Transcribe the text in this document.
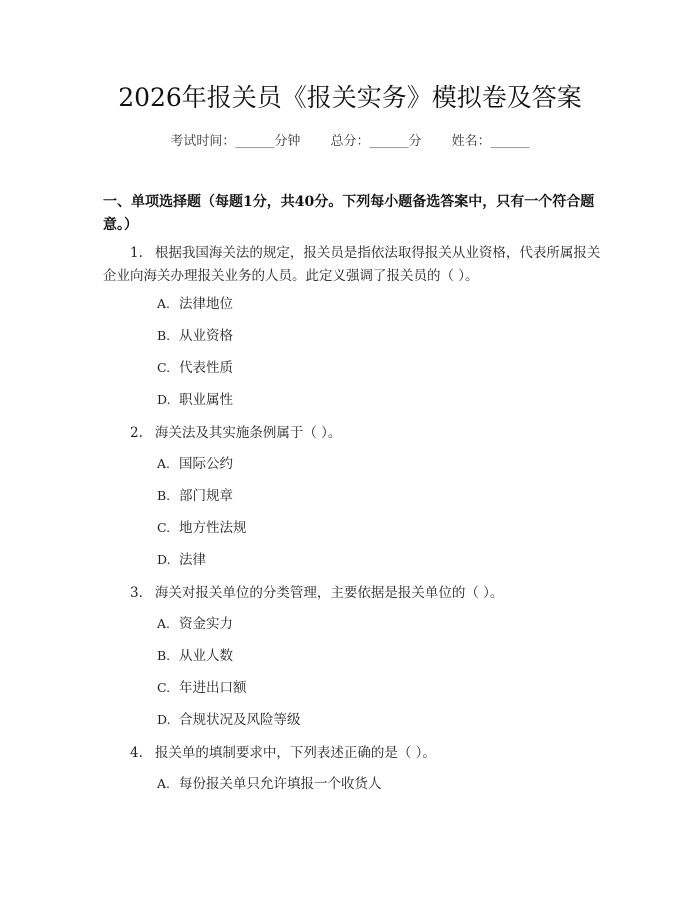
2026年报关员《报关实务》模拟卷及答案
考试时间：______分钟 总分：______分 姓名：______
一、单项选择题（每题1分，共40分。下列每小题备选答案中，只有一个符合题意。）
1. 根据我国海关法的规定，报关员是指依法取得报关从业资格，代表所属报关企业向海关办理报关业务的人员。此定义强调了报关员的（ ）。
A. 法律地位
B. 从业资格
C. 代表性质
D. 职业属性
2. 海关法及其实施条例属于（ ）。
A. 国际公约
B. 部门规章
C. 地方性法规
D. 法律
3. 海关对报关单位的分类管理，主要依据是报关单位的（ ）。
A. 资金实力
B. 从业人数
C. 年进出口额
D. 合规状况及风险等级
4. 报关单的填制要求中，下列表述正确的是（ ）。
A. 每份报关单只允许填报一个收货人
